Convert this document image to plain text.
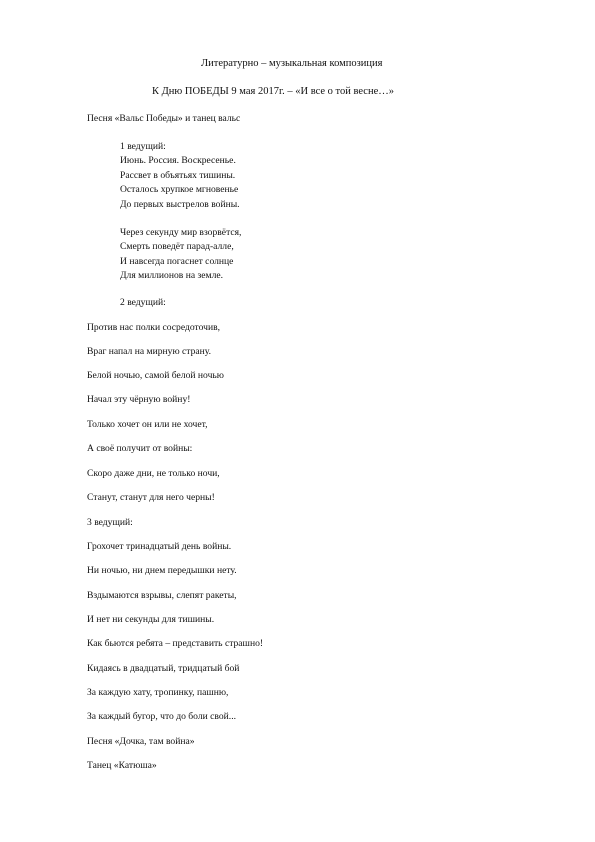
Литературно – музыкальная композиция
К Дню ПОБЕДЫ 9 мая 2017г. – «И все о той весне…»
Песня «Вальс Победы» и танец вальс
1 ведущий:
Июнь. Россия. Воскресенье.
Рассвет в объятьях тишины.
Осталось хрупкое мгновенье
До первых выстрелов войны.
Через секунду мир взорвётся,
Смерть поведёт парад-алле,
И навсегда погаснет солнце
Для миллионов на земле.
2 ведущий:
Против нас полки сосредоточив,
Враг напал на мирную страну.
Белой ночью, самой белой ночью
Начал эту чёрную войну!
Только хочет он или не хочет,
А своё получит от войны:
Скоро даже дни, не только ночи,
Станут, станут для него черны!
3 ведущий:
Грохочет тринадцатый день войны.
Ни ночью, ни днем передышки нету.
Вздымаются взрывы, слепят ракеты,
И нет ни секунды для тишины.
Как бьются ребята – представить страшно!
Кидаясь в двадцатый, тридцатый бой
За каждую хату, тропинку, пашню,
За каждый бугор, что до боли свой...
Песня «Дочка, там война»
Танец «Катюша»
